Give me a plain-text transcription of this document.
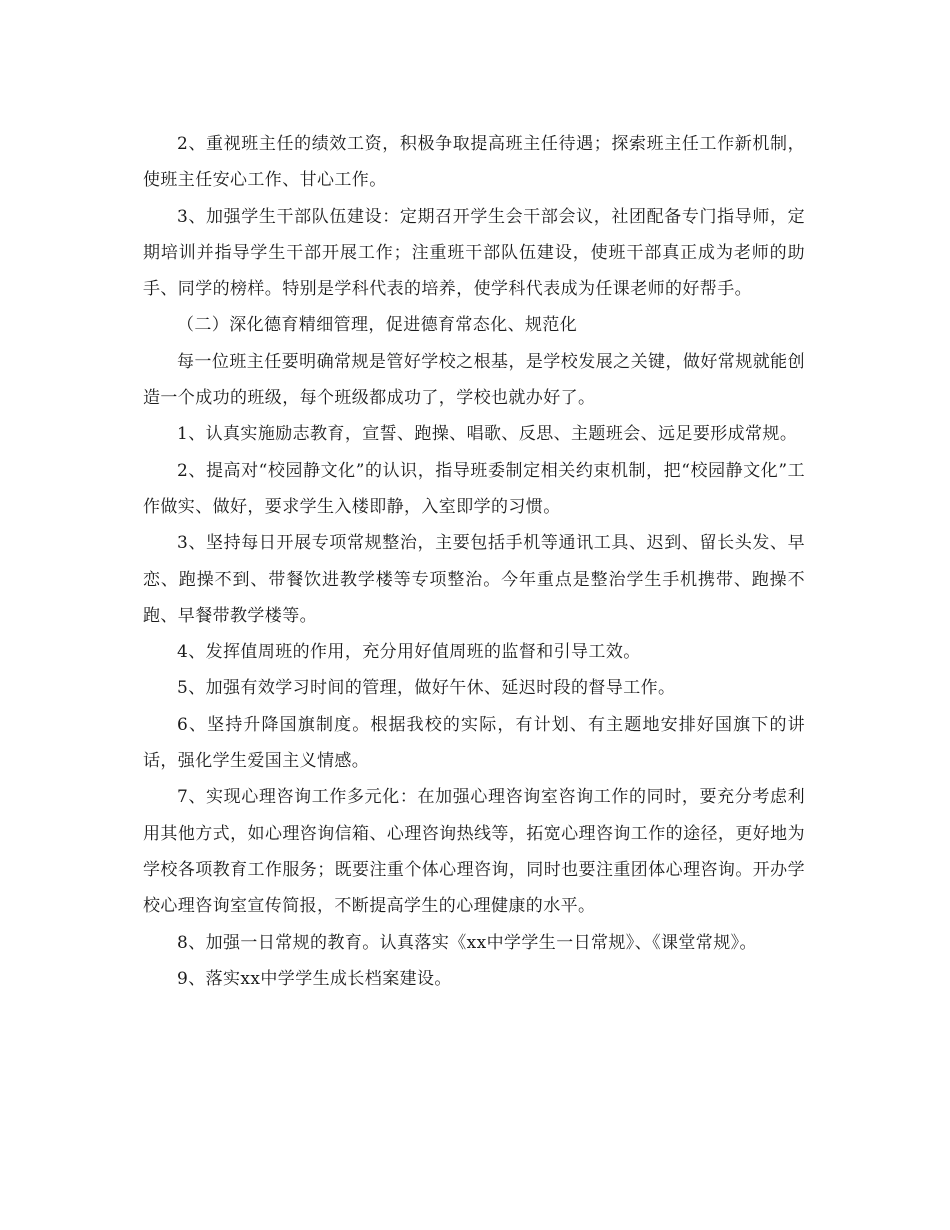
2、重视班主任的绩效工资，积极争取提高班主任待遇；探索班主任工作新机制，使班主任安心工作、甘心工作。

3、加强学生干部队伍建设：定期召开学生会干部会议，社团配备专门指导师，定期培训并指导学生干部开展工作；注重班干部队伍建设，使班干部真正成为老师的助手、同学的榜样。特别是学科代表的培养，使学科代表成为任课老师的好帮手。

（二）深化德育精细管理，促进德育常态化、规范化

每一位班主任要明确常规是管好学校之根基，是学校发展之关键，做好常规就能创造一个成功的班级，每个班级都成功了，学校也就办好了。

1、认真实施励志教育，宣誓、跑操、唱歌、反思、主题班会、远足要形成常规。

2、提高对“校园静文化”的认识，指导班委制定相关约束机制，把“校园静文化”工作做实、做好，要求学生入楼即静，入室即学的习惯。

3、坚持每日开展专项常规整治，主要包括手机等通讯工具、迟到、留长头发、早恋、跑操不到、带餐饮进教学楼等专项整治。今年重点是整治学生手机携带、跑操不跑、早餐带教学楼等。

4、发挥值周班的作用，充分用好值周班的监督和引导工效。

5、加强有效学习时间的管理，做好午休、延迟时段的督导工作。

6、坚持升降国旗制度。根据我校的实际，有计划、有主题地安排好国旗下的讲话，强化学生爱国主义情感。

7、实现心理咨询工作多元化：在加强心理咨询室咨询工作的同时，要充分考虑利用其他方式，如心理咨询信箱、心理咨询热线等，拓宽心理咨询工作的途径，更好地为学校各项教育工作服务；既要注重个体心理咨询，同时也要注重团体心理咨询。开办学校心理咨询室宣传简报，不断提高学生的心理健康的水平。

8、加强一日常规的教育。认真落实《xx中学学生一日常规》、《课堂常规》。

9、落实xx中学学生成长档案建设。
